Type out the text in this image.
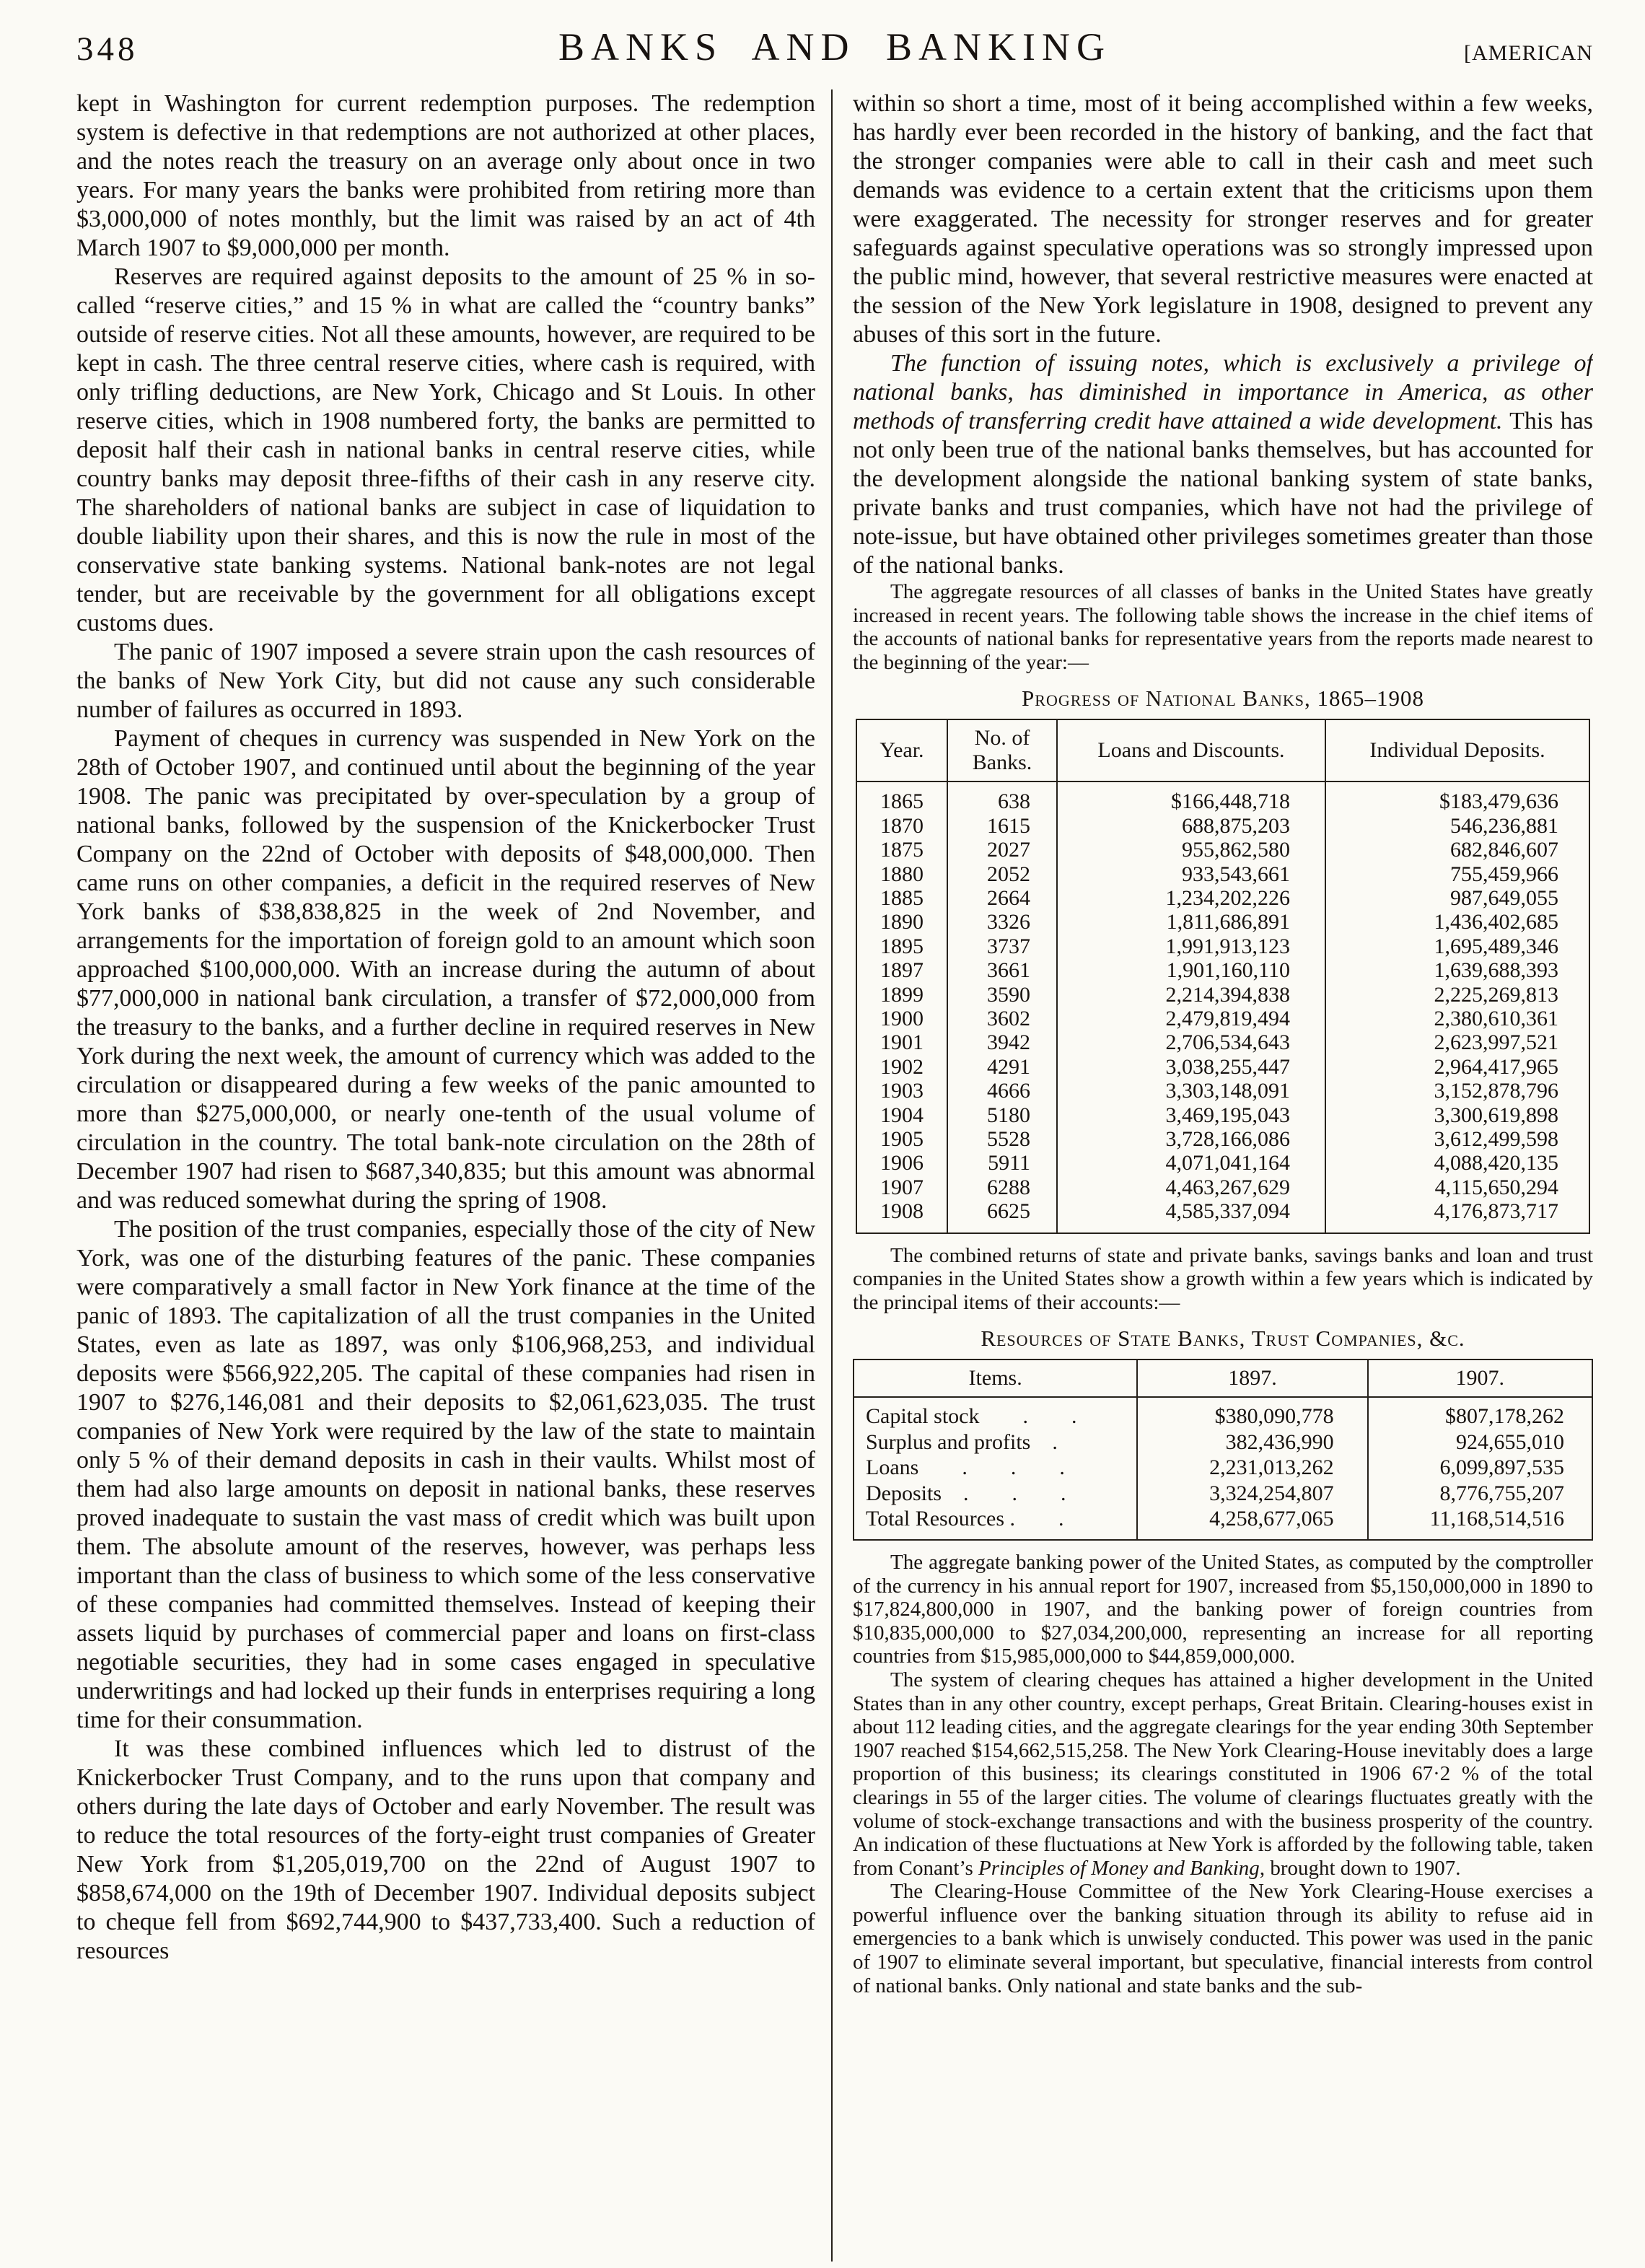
348	BANKS AND BANKING	[AMERICAN

kept in Washington for current redemption purposes. The redemption system is defective in that redemptions are not authorized at other places, and the notes reach the treasury on an average only about once in two years. For many years the banks were prohibited from retiring more than $3,000,000 of notes monthly, but the limit was raised by an act of 4th March 1907 to $9,000,000 per month.

Reserves are required against deposits to the amount of 25 % in so-called “reserve cities,” and 15 % in what are called the “country banks” outside of reserve cities. Not all these amounts, however, are required to be kept in cash. The three central reserve cities, where cash is required, with only trifling deductions, are New York, Chicago and St Louis. In other reserve cities, which in 1908 numbered forty, the banks are permitted to deposit half their cash in national banks in central reserve cities, while country banks may deposit three-fifths of their cash in any reserve city. The shareholders of national banks are subject in case of liquidation to double liability upon their shares, and this is now the rule in most of the conservative state banking systems. National bank-notes are not legal tender, but are receivable by the government for all obligations except customs dues.

The panic of 1907 imposed a severe strain upon the cash resources of the banks of New York City, but did not cause any such considerable number of failures as occurred in 1893.

Payment of cheques in currency was suspended in New York on the 28th of October 1907, and continued until about the beginning of the year 1908. The panic was precipitated by over-speculation by a group of national banks, followed by the suspension of the Knickerbocker Trust Company on the 22nd of October with deposits of $48,000,000. Then came runs on other companies, a deficit in the required reserves of New York banks of $38,838,825 in the week of 2nd November, and arrangements for the importation of foreign gold to an amount which soon approached $100,000,000. With an increase during the autumn of about $77,000,000 in national bank circulation, a transfer of $72,000,000 from the treasury to the banks, and a further decline in required reserves in New York during the next week, the amount of currency which was added to the circulation or disappeared during a few weeks of the panic amounted to more than $275,000,000, or nearly one-tenth of the usual volume of circulation in the country. The total bank-note circulation on the 28th of December 1907 had risen to $687,340,835; but this amount was abnormal and was reduced somewhat during the spring of 1908.

The position of the trust companies, especially those of the city of New York, was one of the disturbing features of the panic. These companies were comparatively a small factor in New York finance at the time of the panic of 1893. The capitalization of all the trust companies in the United States, even as late as 1897, was only $106,968,253, and individual deposits were $566,922,205. The capital of these companies had risen in 1907 to $276,146,081 and their deposits to $2,061,623,035. The trust companies of New York were required by the law of the state to maintain only 5 % of their demand deposits in cash in their vaults. Whilst most of them had also large amounts on deposit in national banks, these reserves proved inadequate to sustain the vast mass of credit which was built upon them. The absolute amount of the reserves, however, was perhaps less important than the class of business to which some of the less conservative of these companies had committed themselves. Instead of keeping their assets liquid by purchases of commercial paper and loans on first-class negotiable securities, they had in some cases engaged in speculative underwritings and had locked up their funds in enterprises requiring a long time for their consummation.

It was these combined influences which led to distrust of the Knickerbocker Trust Company, and to the runs upon that company and others during the late days of October and early November. The result was to reduce the total resources of the forty-eight trust companies of Greater New York from $1,205,019,700 on the 22nd of August 1907 to $858,674,000 on the 19th of December 1907. Individual deposits subject to cheque fell from $692,744,900 to $437,733,400. Such a reduction of resources

within so short a time, most of it being accomplished within a few weeks, has hardly ever been recorded in the history of banking, and the fact that the stronger companies were able to call in their cash and meet such demands was evidence to a certain extent that the criticisms upon them were exaggerated. The necessity for stronger reserves and for greater safeguards against speculative operations was so strongly impressed upon the public mind, however, that several restrictive measures were enacted at the session of the New York legislature in 1908, designed to prevent any abuses of this sort in the future.

The function of issuing notes, which is exclusively a privilege of national banks, has diminished in importance in America, as other methods of transferring credit have attained a wide development. This has not only been true of the national banks themselves, but has accounted for the development alongside the national banking system of state banks, private banks and trust companies, which have not had the privilege of note-issue, but have obtained other privileges sometimes greater than those of the national banks.

The aggregate resources of all classes of banks in the United States have greatly increased in recent years. The following table shows the increase in the chief items of the accounts of national banks for representative years from the reports made nearest to the beginning of the year:—

Progress of National Banks, 1865–1908
Year.	No. of Banks.	Loans and Discounts.	Individual Deposits.
1865	638	$166,448,718	$183,479,636
1870	1615	688,875,203	546,236,881
1875	2027	955,862,580	682,846,607
1880	2052	933,543,661	755,459,966
1885	2664	1,234,202,226	987,649,055
1890	3326	1,811,686,891	1,436,402,685
1895	3737	1,991,913,123	1,695,489,346
1897	3661	1,901,160,110	1,639,688,393
1899	3590	2,214,394,838	2,225,269,813
1900	3602	2,479,819,494	2,380,610,361
1901	3942	2,706,534,643	2,623,997,521
1902	4291	3,038,255,447	2,964,417,965
1903	4666	3,303,148,091	3,152,878,796
1904	5180	3,469,195,043	3,300,619,898
1905	5528	3,728,166,086	3,612,499,598
1906	5911	4,071,041,164	4,088,420,135
1907	6288	4,463,267,629	4,115,650,294
1908	6625	4,585,337,094	4,176,873,717

The combined returns of state and private banks, savings banks and loan and trust companies in the United States show a growth within a few years which is indicated by the principal items of their accounts:—

Resources of State Banks, Trust Companies, &c.
Items.	1897.	1907.
Capital stock  .  .	$380,090,778	$807,178,262
Surplus and profits .	382,436,990	924,655,010
Loans  .  .  .	2,231,013,262	6,099,897,535
Deposits .  .  .	3,324,254,807	8,776,755,207
Total Resources .  .	4,258,677,065	11,168,514,516

The aggregate banking power of the United States, as computed by the comptroller of the currency in his annual report for 1907, increased from $5,150,000,000 in 1890 to $17,824,800,000 in 1907, and the banking power of foreign countries from $10,835,000,000 to $27,034,200,000, representing an increase for all reporting countries from $15,985,000,000 to $44,859,000,000.

The system of clearing cheques has attained a higher development in the United States than in any other country, except perhaps, Great Britain. Clearing-houses exist in about 112 leading cities, and the aggregate clearings for the year ending 30th September 1907 reached $154,662,515,258. The New York Clearing-House inevitably does a large proportion of this business; its clearings constituted in 1906 67·2 % of the total clearings in 55 of the larger cities. The volume of clearings fluctuates greatly with the volume of stock-exchange transactions and with the business prosperity of the country. An indication of these fluctuations at New York is afforded by the following table, taken from Conant’s Principles of Money and Banking, brought down to 1907.

The Clearing-House Committee of the New York Clearing-House exercises a powerful influence over the banking situation through its ability to refuse aid in emergencies to a bank which is unwisely conducted. This power was used in the panic of 1907 to eliminate several important, but speculative, financial interests from control of national banks. Only national and state banks and the sub-
